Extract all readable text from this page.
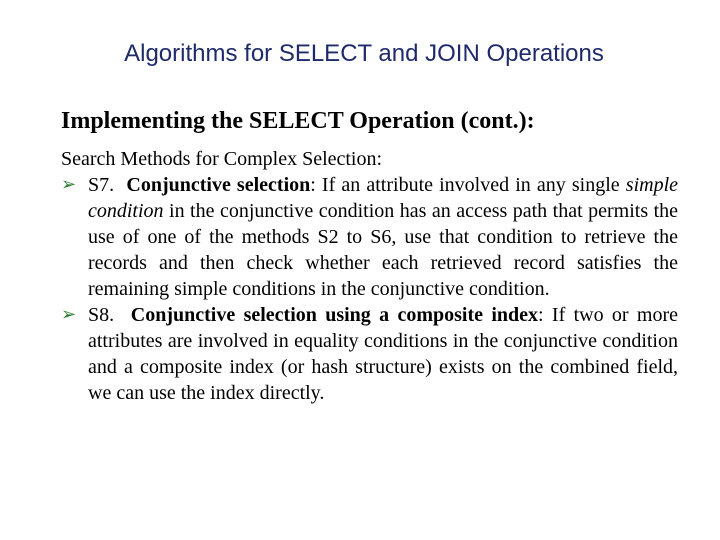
Algorithms for SELECT and JOIN Operations
Implementing the SELECT Operation (cont.):
Search Methods for Complex Selection:
➢ S7. Conjunctive selection: If an attribute involved in any single simple condition in the conjunctive condition has an access path that permits the use of one of the methods S2 to S6, use that condition to retrieve the records and then check whether each retrieved record satisfies the remaining simple conditions in the conjunctive condition.
➢ S8. Conjunctive selection using a composite index: If two or more attributes are involved in equality conditions in the conjunctive condition and a composite index (or hash structure) exists on the combined field, we can use the index directly.
